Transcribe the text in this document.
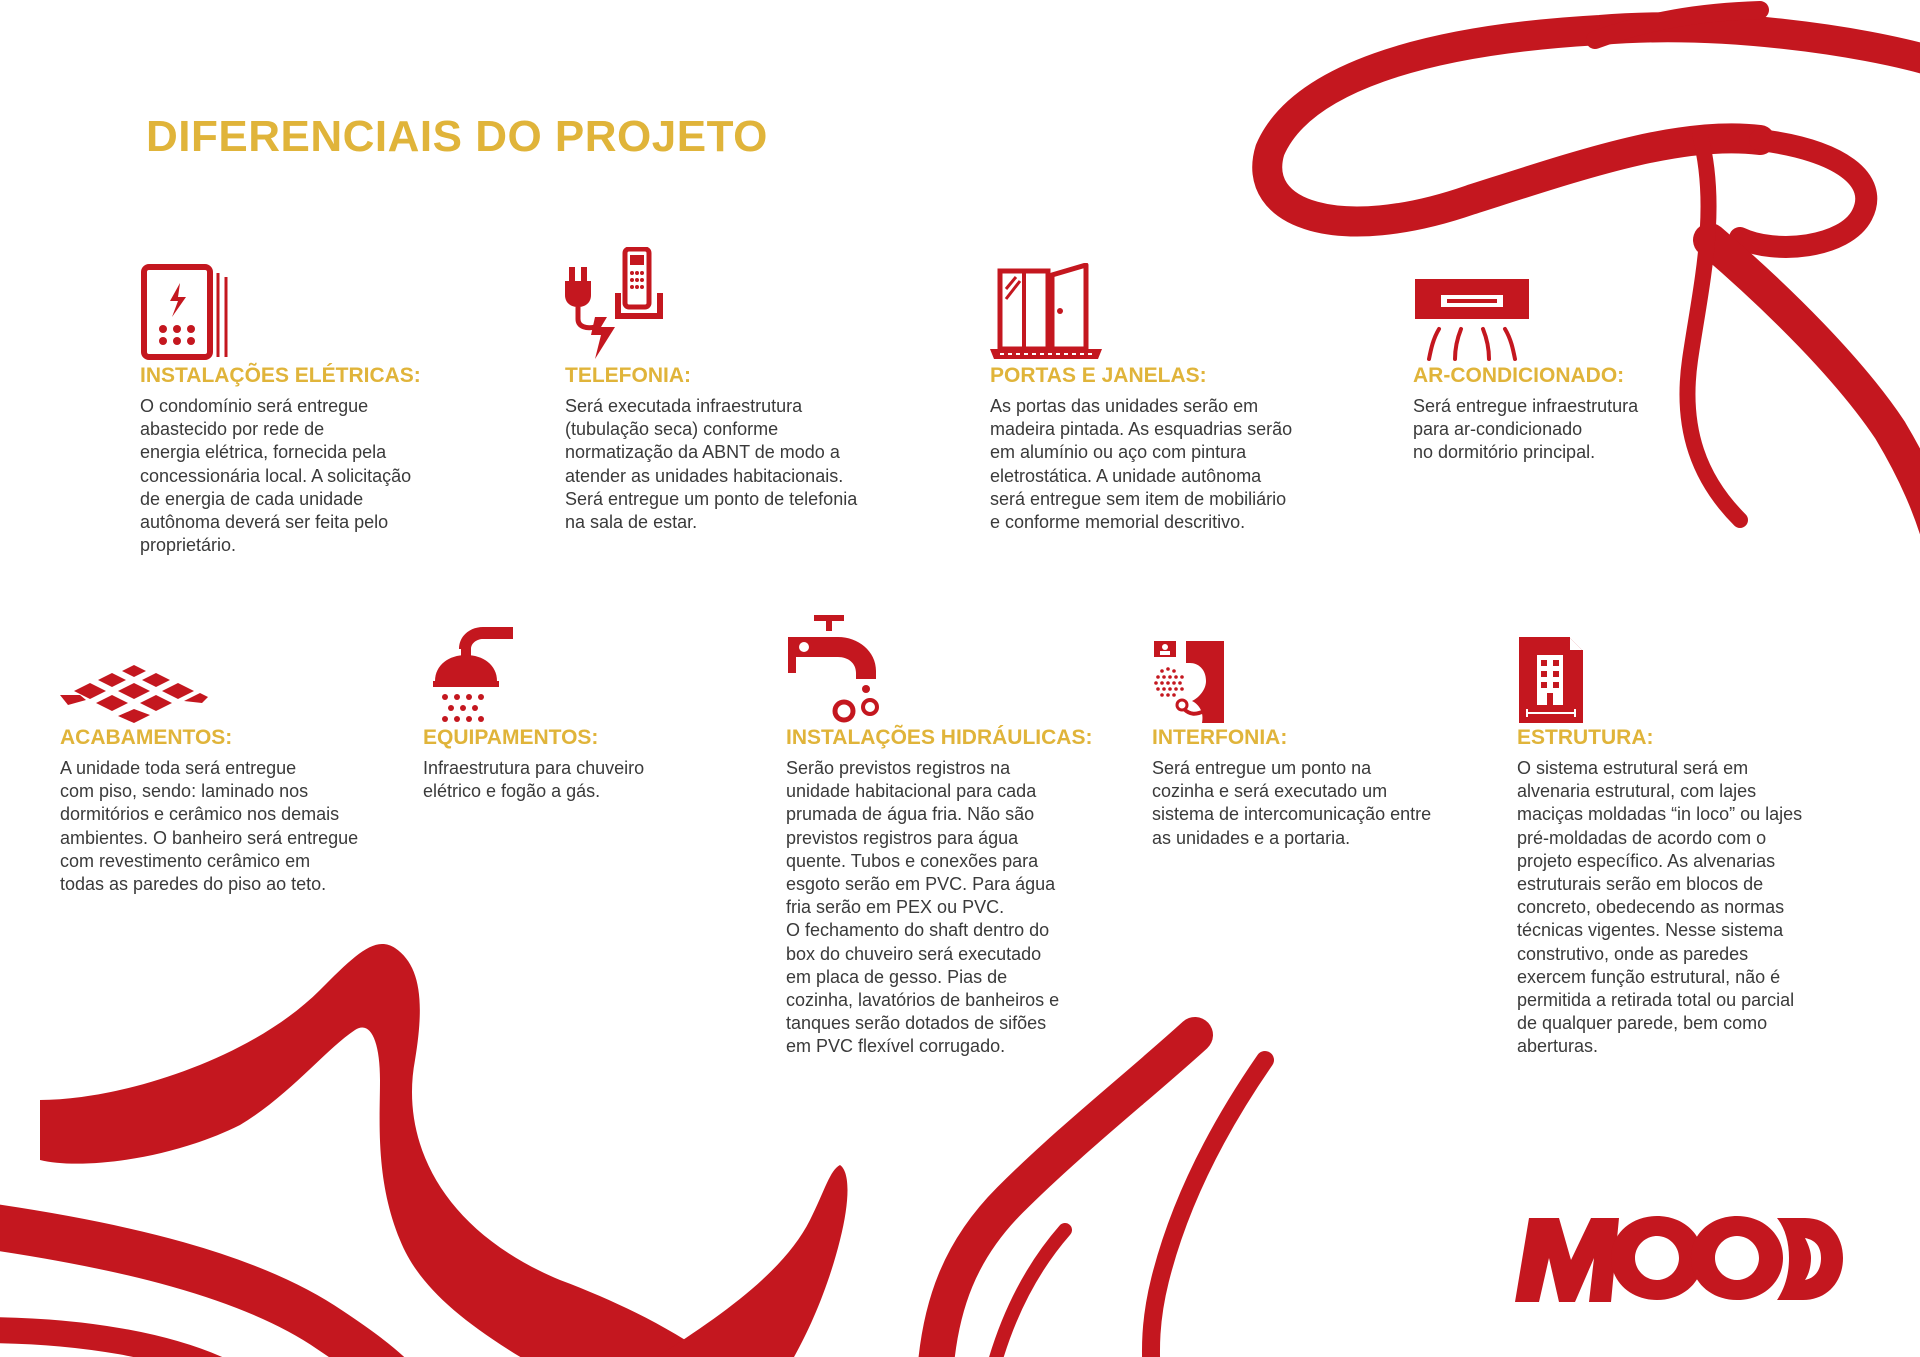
DIFERENCIAIS DO PROJETO
INSTALAÇÕES ELÉTRICAS:

O condomínio será entregue
abastecido por rede de
energia elétrica, fornecida pela
concessionária local. A solicitação
de energia de cada unidade
autônoma deverá ser feita pelo
proprietário.

TELEFONIA:

Será executada infraestrutura
(tubulação seca) conforme
normatização da ABNT de modo a
atender as unidades habitacionais.
Será entregue um ponto de telefonia
na sala de estar.

PORTAS E JANELAS:

As portas das unidades serão em
madeira pintada. As esquadrias serão
em alumínio ou aço com pintura
eletrostática. A unidade autônoma
será entregue sem item de mobiliário
e conforme memorial descritivo.

AR-CONDICIONADO:

Será entregue infraestrutura
para ar-condicionado
no dormitório principal.

ACABAMENTOS:

A unidade toda será entregue
com piso, sendo: laminado nos
dormitórios e cerâmico nos demais
ambientes. O banheiro será entregue
com revestimento cerâmico em
todas as paredes do piso ao teto.

EQUIPAMENTOS:

Infraestrutura para chuveiro
elétrico e fogão a gás.

INSTALAÇÕES HIDRÁULICAS:

Serão previstos registros na
unidade habitacional para cada
prumada de água fria. Não são
previstos registros para água
quente. Tubos e conexões para
esgoto serão em PVC. Para água
fria serão em PEX ou PVC.
O fechamento do shaft dentro do
box do chuveiro será executado
em placa de gesso. Pias de
cozinha, lavatórios de banheiros e
tanques serão dotados de sifões
em PVC flexível corrugado.

INTERFONIA:

Será entregue um ponto na
cozinha e será executado um
sistema de intercomunicação entre
as unidades e a portaria.

ESTRUTURA:

O sistema estrutural será em
alvenaria estrutural, com lajes
maciças moldadas “in loco” ou lajes
pré-moldadas de acordo com o
projeto específico. As alvenarias
estruturais serão em blocos de
concreto, obedecendo as normas
técnicas vigentes. Nesse sistema
construtivo, onde as paredes
exercem função estrutural, não é
permitida a retirada total ou parcial
de qualquer parede, bem como
aberturas.
